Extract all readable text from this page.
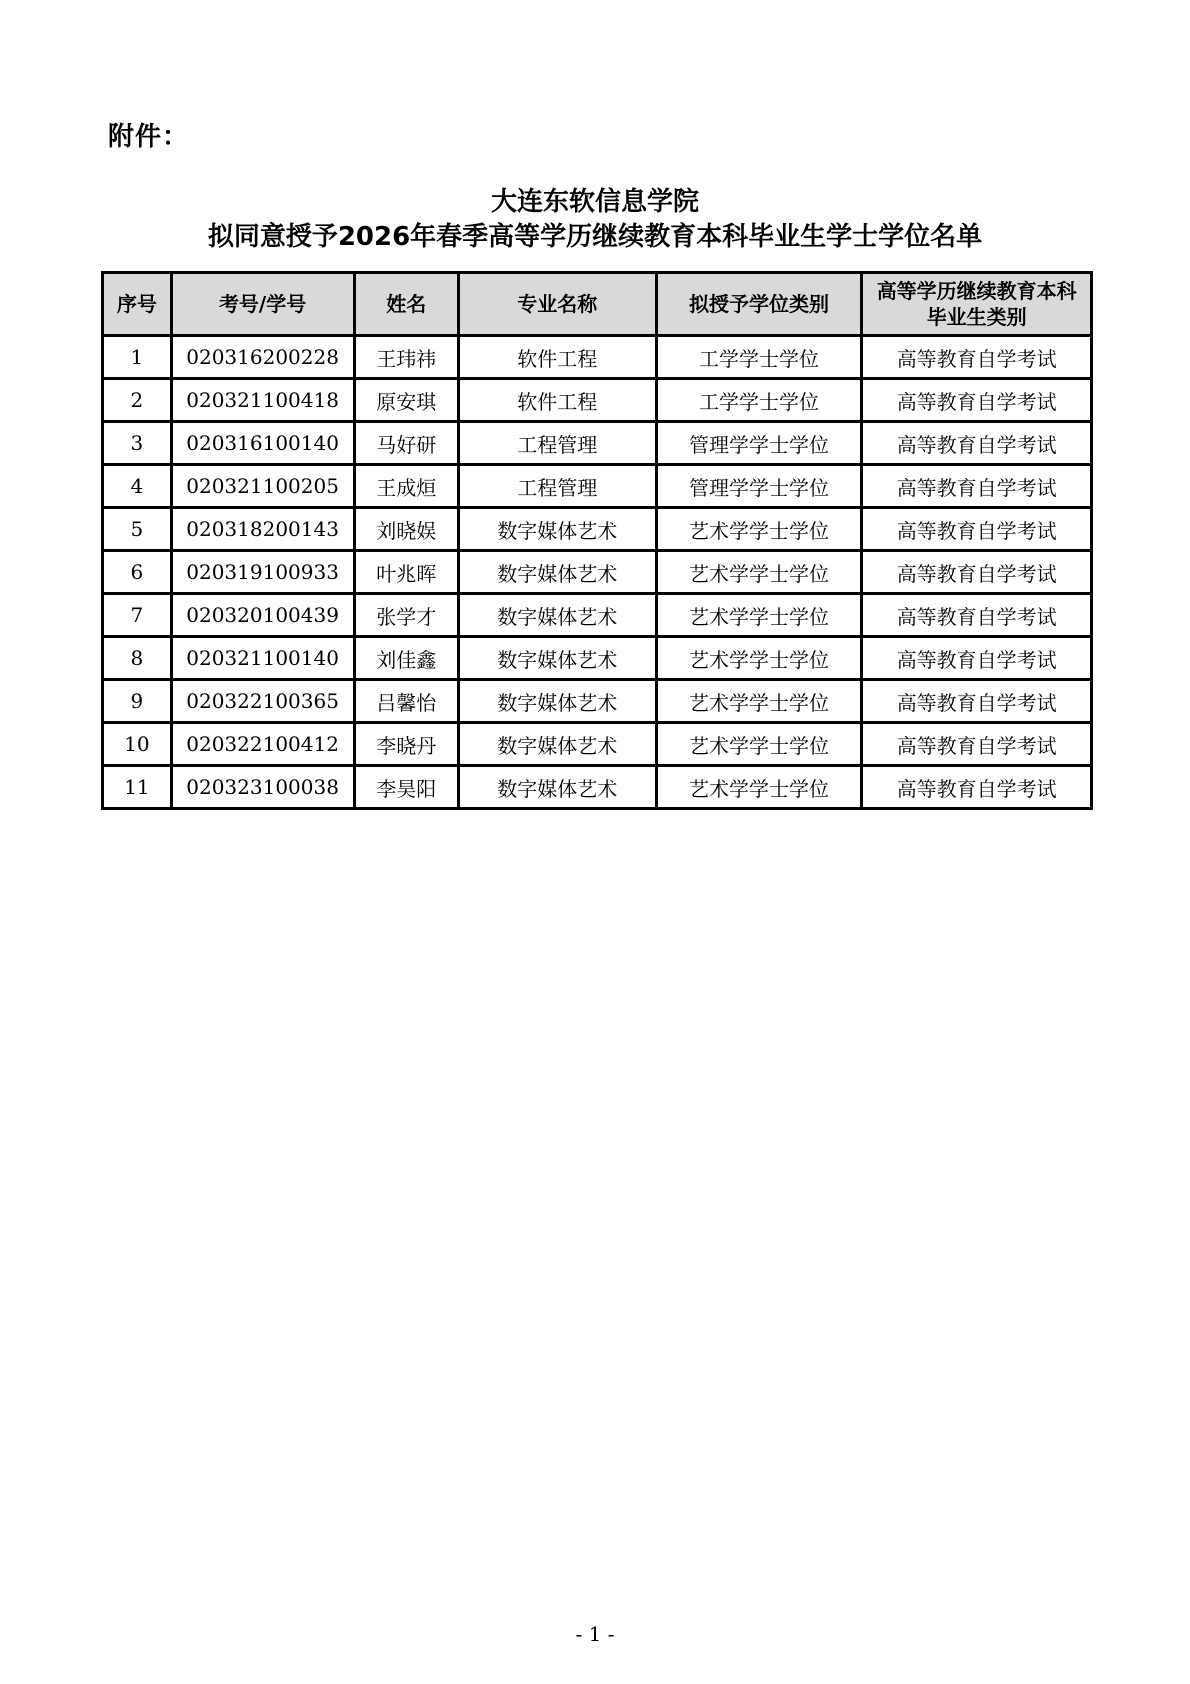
附件：
大连东软信息学院
拟同意授予2026年春季高等学历继续教育本科毕业生学士学位名单
序号	考号/学号	姓名	专业名称	拟授予学位类别	高等学历继续教育本科
毕业生类别
1	020316200228	王玮祎	软件工程	工学学士学位	高等教育自学考试
2	020321100418	原安琪	软件工程	工学学士学位	高等教育自学考试
3	020316100140	马好研	工程管理	管理学学士学位	高等教育自学考试
4	020321100205	王成烜	工程管理	管理学学士学位	高等教育自学考试
5	020318200143	刘晓娱	数字媒体艺术	艺术学学士学位	高等教育自学考试
6	020319100933	叶兆晖	数字媒体艺术	艺术学学士学位	高等教育自学考试
7	020320100439	张学才	数字媒体艺术	艺术学学士学位	高等教育自学考试
8	020321100140	刘佳鑫	数字媒体艺术	艺术学学士学位	高等教育自学考试
9	020322100365	吕馨怡	数字媒体艺术	艺术学学士学位	高等教育自学考试
10	020322100412	李晓丹	数字媒体艺术	艺术学学士学位	高等教育自学考试
11	020323100038	李昊阳	数字媒体艺术	艺术学学士学位	高等教育自学考试
- 1 -
